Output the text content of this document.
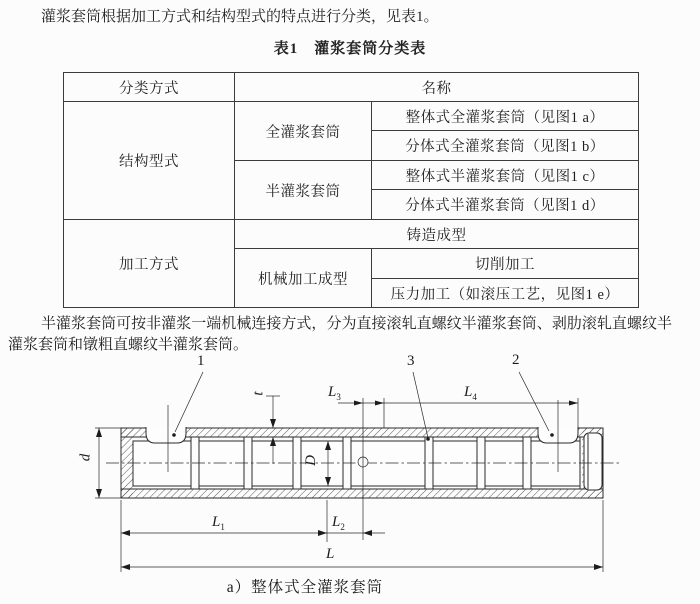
灌浆套筒根据加工方式和结构型式的特点进行分类，见表1。
表1　灌浆套筒分类表
分类方式	名称	
结构型式	全灌浆套筒	整体式全灌浆套筒（见图1 a）
		分体式全灌浆套筒（见图1 b）
	半灌浆套筒	整体式半灌浆套筒（见图1 c）
		分体式半灌浆套筒（见图1 d）
加工方式	铸造成型	
	机械加工成型	切削加工
		压力加工（如滚压工艺，见图1 e）
半灌浆套筒可按非灌浆一端机械连接方式，分为直接滚轧直螺纹半灌浆套筒、剥肋滚轧直螺纹半灌浆套筒和镦粗直螺纹半灌浆套筒。
1	3	2
t	$L_3$	$L_4$
d	D
$L_1$	$L_2$
L
a）整体式全灌浆套筒
